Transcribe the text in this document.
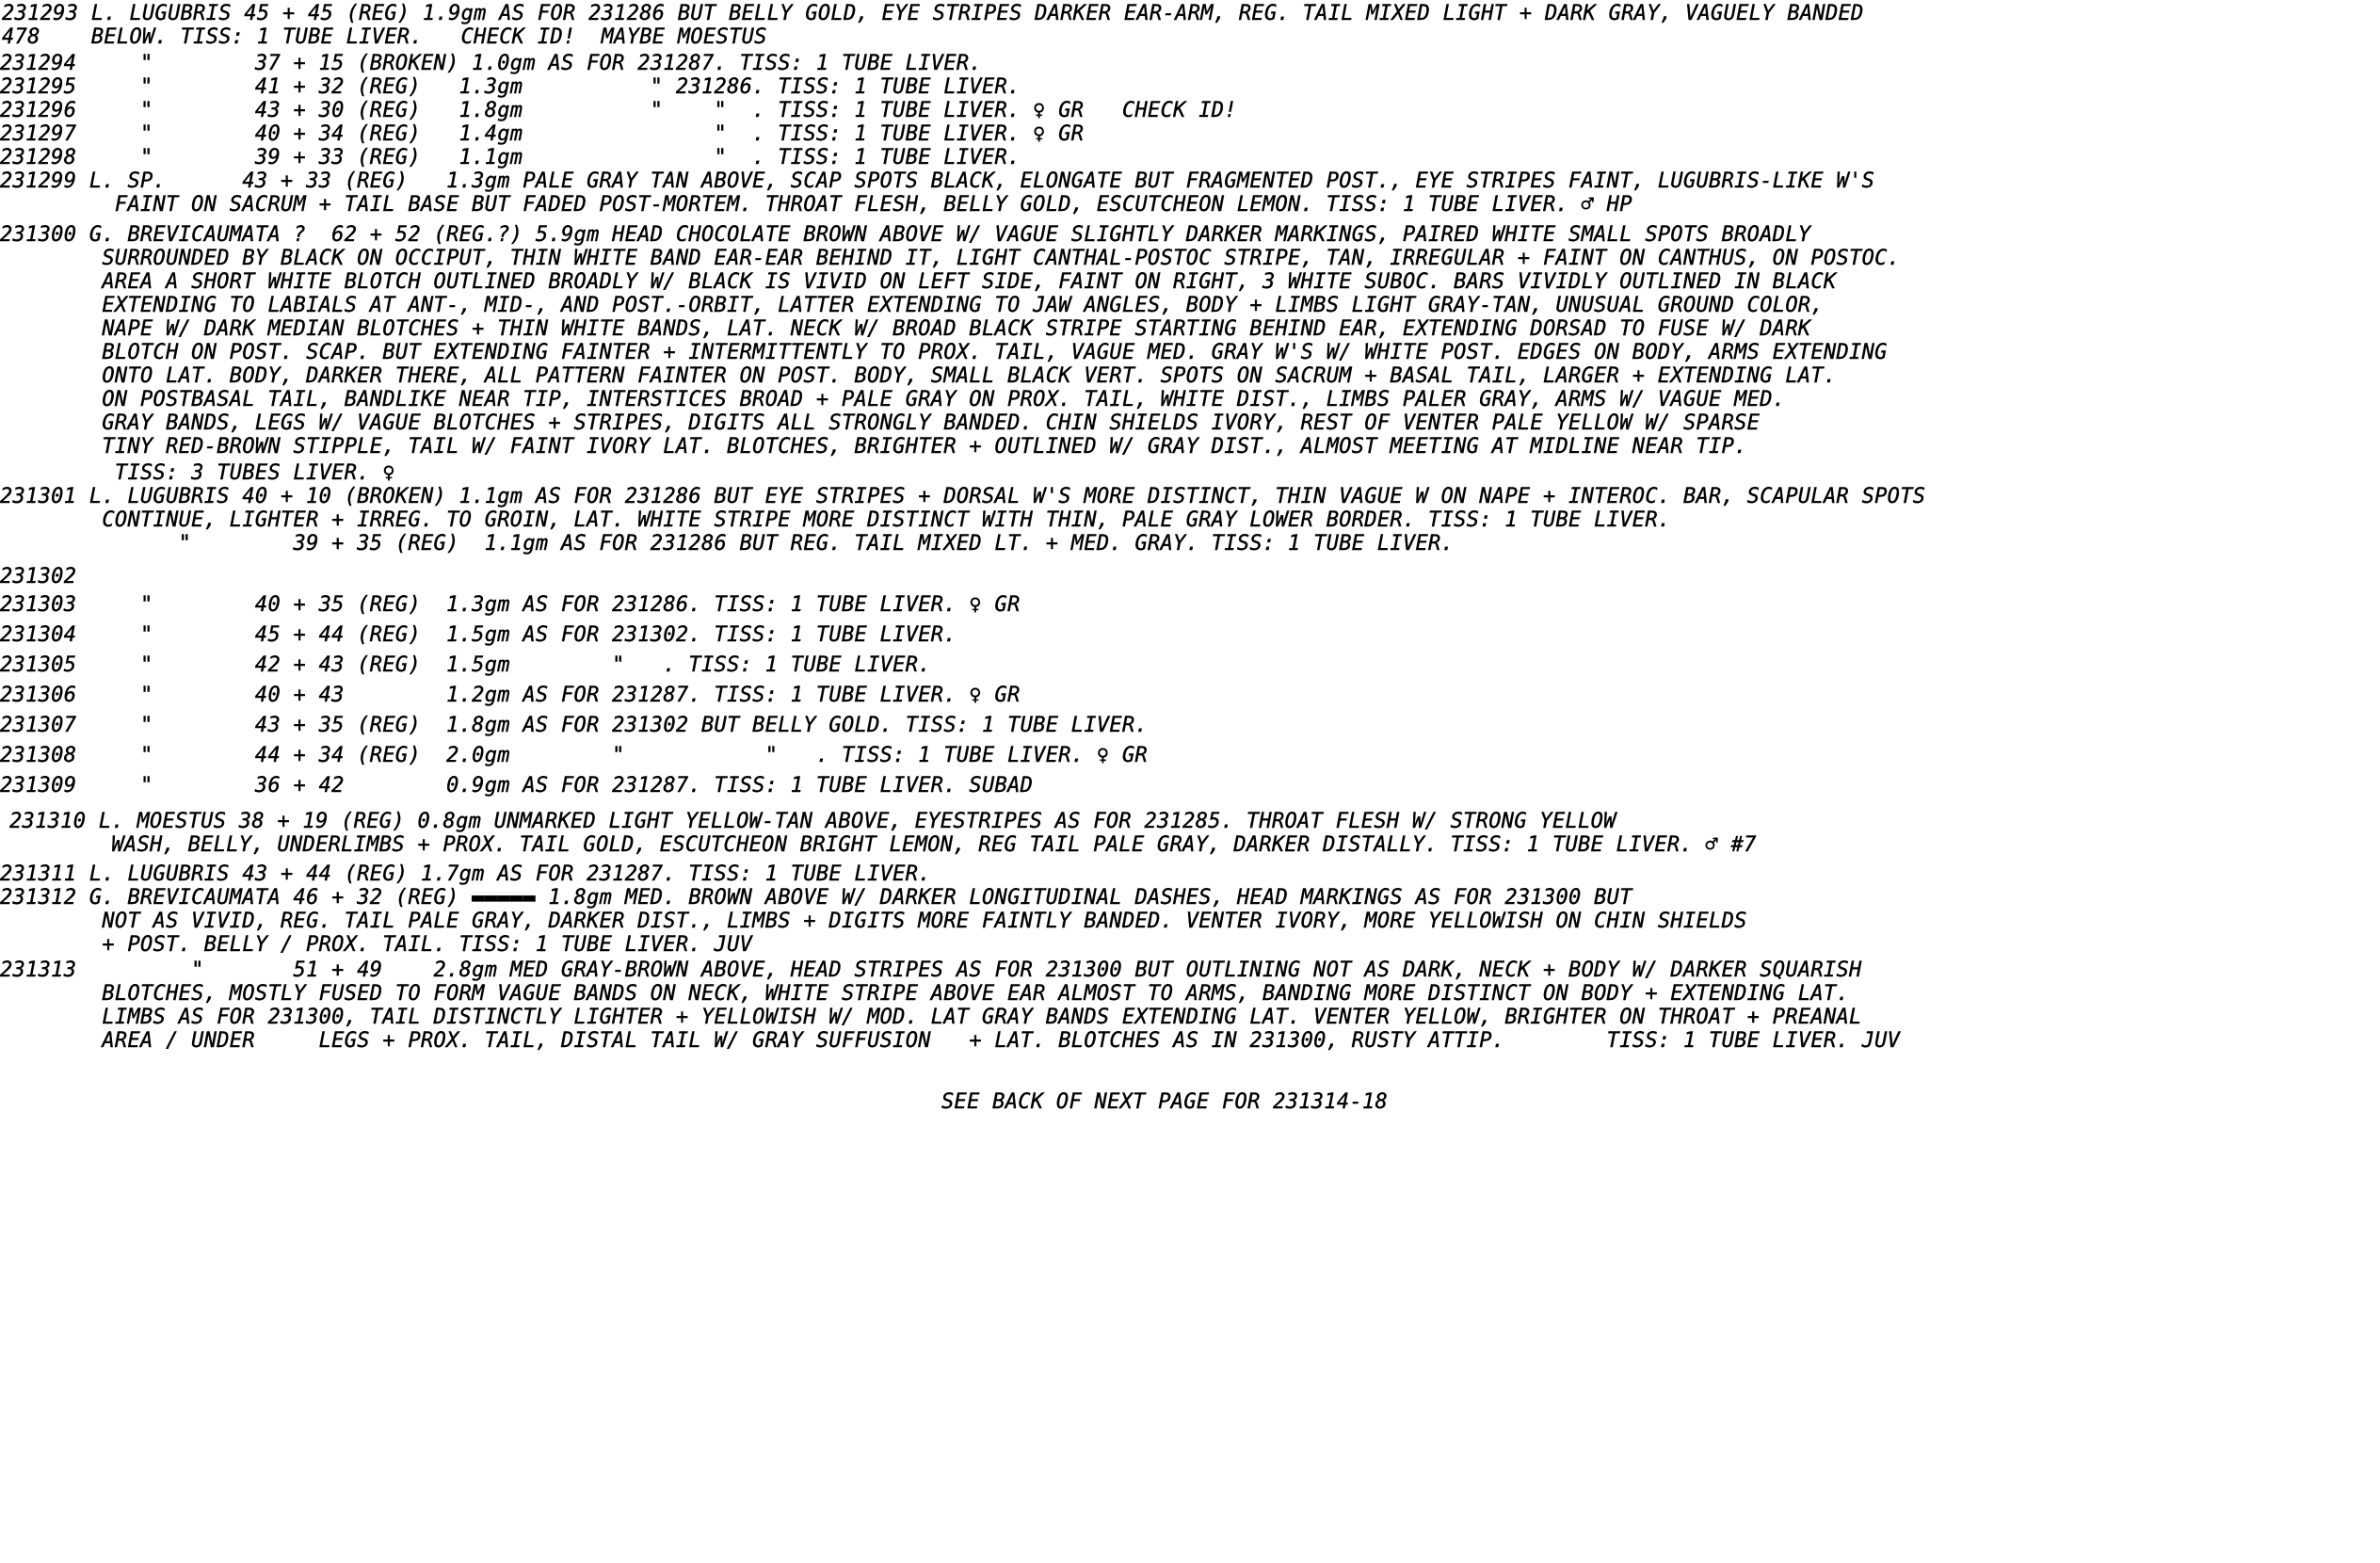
231293 L. LUGUBRIS 45 + 45 (REG) 1.9gm AS FOR 231286 BUT BELLY GOLD, EYE STRIPES DARKER EAR-ARM, REG. TAIL MIXED LIGHT + DARK GRAY, VAGUELY BANDED
478    BELOW. TISS: 1 TUBE LIVER.   CHECK ID!  MAYBE MOESTUS
231294     "        37 + 15 (BROKEN) 1.0gm AS FOR 231287. TISS: 1 TUBE LIVER.
231295     "        41 + 32 (REG)   1.3gm          " 231286. TISS: 1 TUBE LIVER.
231296     "        43 + 30 (REG)   1.8gm          "    "  . TISS: 1 TUBE LIVER. ♀ GR   CHECK ID!
231297     "        40 + 34 (REG)   1.4gm               "  . TISS: 1 TUBE LIVER. ♀ GR
231298     "        39 + 33 (REG)   1.1gm               "  . TISS: 1 TUBE LIVER.
231299 L. SP.      43 + 33 (REG)   1.3gm PALE GRAY TAN ABOVE, SCAP SPOTS BLACK, ELONGATE BUT FRAGMENTED POST., EYE STRIPES FAINT, LUGUBRIS-LIKE W'S
FAINT ON SACRUM + TAIL BASE BUT FADED POST-MORTEM. THROAT FLESH, BELLY GOLD, ESCUTCHEON LEMON. TISS: 1 TUBE LIVER. ♂ HP
231300 G. BREVICAUMATA ?  62 + 52 (REG.?) 5.9gm HEAD CHOCOLATE BROWN ABOVE W/ VAGUE SLIGHTLY DARKER MARKINGS, PAIRED WHITE SMALL SPOTS BROADLY
SURROUNDED BY BLACK ON OCCIPUT, THIN WHITE BAND EAR-EAR BEHIND IT, LIGHT CANTHAL-POSTOC STRIPE, TAN, IRREGULAR + FAINT ON CANTHUS, ON POSTOC.
AREA A SHORT WHITE BLOTCH OUTLINED BROADLY W/ BLACK IS VIVID ON LEFT SIDE, FAINT ON RIGHT, 3 WHITE SUBOC. BARS VIVIDLY OUTLINED IN BLACK
EXTENDING TO LABIALS AT ANT-, MID-, AND POST.-ORBIT, LATTER EXTENDING TO JAW ANGLES, BODY + LIMBS LIGHT GRAY-TAN, UNUSUAL GROUND COLOR,
NAPE W/ DARK MEDIAN BLOTCHES + THIN WHITE BANDS, LAT. NECK W/ BROAD BLACK STRIPE STARTING BEHIND EAR, EXTENDING DORSAD TO FUSE W/ DARK
BLOTCH ON POST. SCAP. BUT EXTENDING FAINTER + INTERMITTENTLY TO PROX. TAIL, VAGUE MED. GRAY W'S W/ WHITE POST. EDGES ON BODY, ARMS EXTENDING
ONTO LAT. BODY, DARKER THERE, ALL PATTERN FAINTER ON POST. BODY, SMALL BLACK VERT. SPOTS ON SACRUM + BASAL TAIL, LARGER + EXTENDING LAT.
ON POSTBASAL TAIL, BANDLIKE NEAR TIP, INTERSTICES BROAD + PALE GRAY ON PROX. TAIL, WHITE DIST., LIMBS PALER GRAY, ARMS W/ VAGUE MED.
GRAY BANDS, LEGS W/ VAGUE BLOTCHES + STRIPES, DIGITS ALL STRONGLY BANDED. CHIN SHIELDS IVORY, REST OF VENTER PALE YELLOW W/ SPARSE
TINY RED-BROWN STIPPLE, TAIL W/ FAINT IVORY LAT. BLOTCHES, BRIGHTER + OUTLINED W/ GRAY DIST., ALMOST MEETING AT MIDLINE NEAR TIP.
TISS: 3 TUBES LIVER. ♀
231301 L. LUGUBRIS 40 + 10 (BROKEN) 1.1gm AS FOR 231286 BUT EYE STRIPES + DORSAL W'S MORE DISTINCT, THIN VAGUE W ON NAPE + INTEROC. BAR, SCAPULAR SPOTS
CONTINUE, LIGHTER + IRREG. TO GROIN, LAT. WHITE STRIPE MORE DISTINCT WITH THIN, PALE GRAY LOWER BORDER. TISS: 1 TUBE LIVER.
"        39 + 35 (REG)  1.1gm AS FOR 231286 BUT REG. TAIL MIXED LT. + MED. GRAY. TISS: 1 TUBE LIVER.
231302
231303     "        40 + 35 (REG)  1.3gm AS FOR 231286. TISS: 1 TUBE LIVER. ♀ GR
231304     "        45 + 44 (REG)  1.5gm AS FOR 231302. TISS: 1 TUBE LIVER.
231305     "        42 + 43 (REG)  1.5gm        "   . TISS: 1 TUBE LIVER.
231306     "        40 + 43        1.2gm AS FOR 231287. TISS: 1 TUBE LIVER. ♀ GR
231307     "        43 + 35 (REG)  1.8gm AS FOR 231302 BUT BELLY GOLD. TISS: 1 TUBE LIVER.
231308     "        44 + 34 (REG)  2.0gm        "           "   . TISS: 1 TUBE LIVER. ♀ GR
231309     "        36 + 42        0.9gm AS FOR 231287. TISS: 1 TUBE LIVER. SUBAD
231310 L. MOESTUS 38 + 19 (REG) 0.8gm UNMARKED LIGHT YELLOW-TAN ABOVE, EYESTRIPES AS FOR 231285. THROAT FLESH W/ STRONG YELLOW
WASH, BELLY, UNDERLIMBS + PROX. TAIL GOLD, ESCUTCHEON BRIGHT LEMON, REG TAIL PALE GRAY, DARKER DISTALLY. TISS: 1 TUBE LIVER. ♂ #7
231311 L. LUGUBRIS 43 + 44 (REG) 1.7gm AS FOR 231287. TISS: 1 TUBE LIVER.
231312 G. BREVICAUMATA 46 + 32 (REG) ▬▬▬▬▬ 1.8gm MED. BROWN ABOVE W/ DARKER LONGITUDINAL DASHES, HEAD MARKINGS AS FOR 231300 BUT
NOT AS VIVID, REG. TAIL PALE GRAY, DARKER DIST., LIMBS + DIGITS MORE FAINTLY BANDED. VENTER IVORY, MORE YELLOWISH ON CHIN SHIELDS
+ POST. BELLY / PROX. TAIL. TISS: 1 TUBE LIVER. JUV
231313         "       51 + 49    2.8gm MED GRAY-BROWN ABOVE, HEAD STRIPES AS FOR 231300 BUT OUTLINING NOT AS DARK, NECK + BODY W/ DARKER SQUARISH
BLOTCHES, MOSTLY FUSED TO FORM VAGUE BANDS ON NECK, WHITE STRIPE ABOVE EAR ALMOST TO ARMS, BANDING MORE DISTINCT ON BODY + EXTENDING LAT.
LIMBS AS FOR 231300, TAIL DISTINCTLY LIGHTER + YELLOWISH W/ MOD. LAT GRAY BANDS EXTENDING LAT. VENTER YELLOW, BRIGHTER ON THROAT + PREANAL
AREA / UNDER     LEGS + PROX. TAIL, DISTAL TAIL W/ GRAY SUFFUSION   + LAT. BLOTCHES AS IN 231300, RUSTY ATTIP.        TISS: 1 TUBE LIVER. JUV
SEE BACK OF NEXT PAGE FOR 231314-18
